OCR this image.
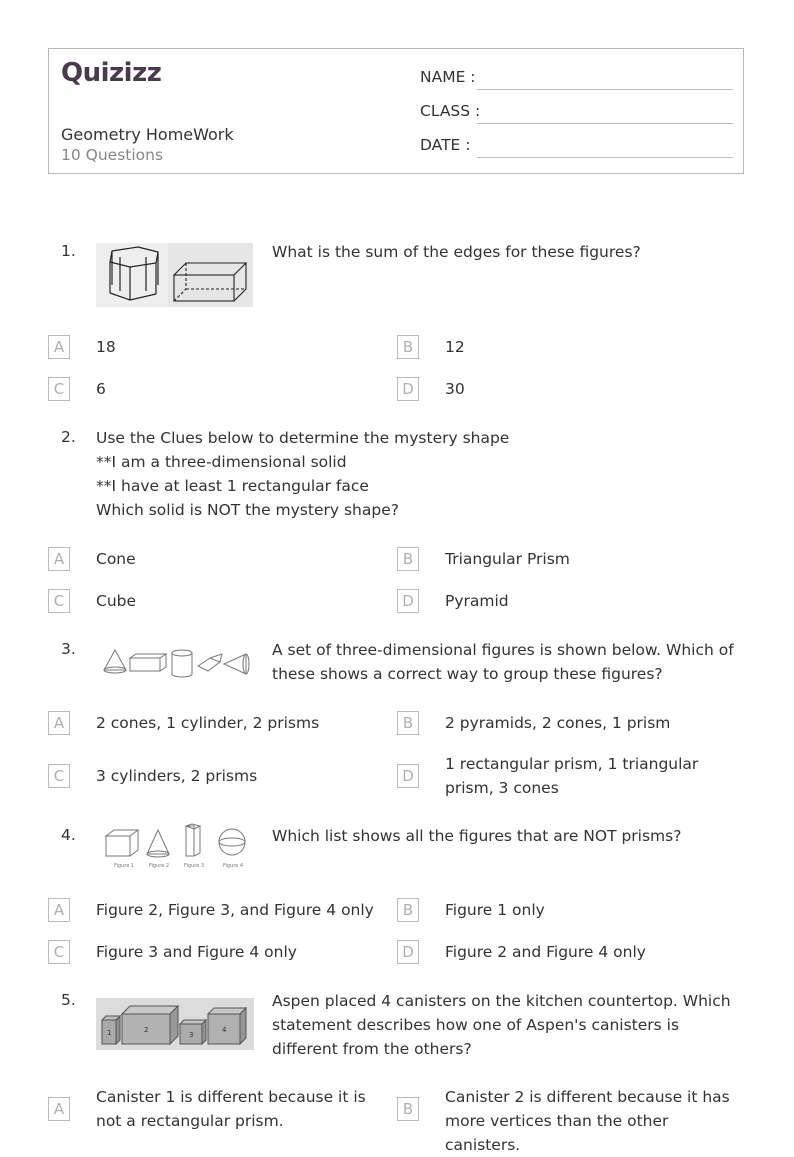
Quizizz
Geometry HomeWork
10 Questions
NAME :
CLASS :
DATE :
1.	What is the sum of the edges for these figures?
A	18	B	12
C	6	D	30
2. Use the Clues below to determine the mystery shape
**I am a three-dimensional solid
**I have at least 1 rectangular face
Which solid is NOT the mystery shape?
A	Cone	B	Triangular Prism
C	Cube	D	Pyramid
3.	A set of three-dimensional figures is shown below. Which of these shows a correct way to group these figures?
A	2 cones, 1 cylinder, 2 prisms	B	2 pyramids, 2 cones, 1 prism
C	3 cylinders, 2 prisms	D
1 rectangular prism, 1 triangular prism, 3 cones
4.
Figure 1	Figure 2	Figure 3	Figure 4
Which list shows all the figures that are NOT prisms?
A	Figure 2, Figure 3, and Figure 4 only	B	Figure 1 only
C	Figure 3 and Figure 4 only	D	Figure 2 and Figure 4 only
5.
1	2
3
4
Aspen placed 4 canisters on the kitchen countertop. Which statement describes how one of Aspen's canisters is different from the others?
A
Canister 1 is different because it is not a rectangular prism.
B
Canister 2 is different because it has more vertices than the other canisters.
